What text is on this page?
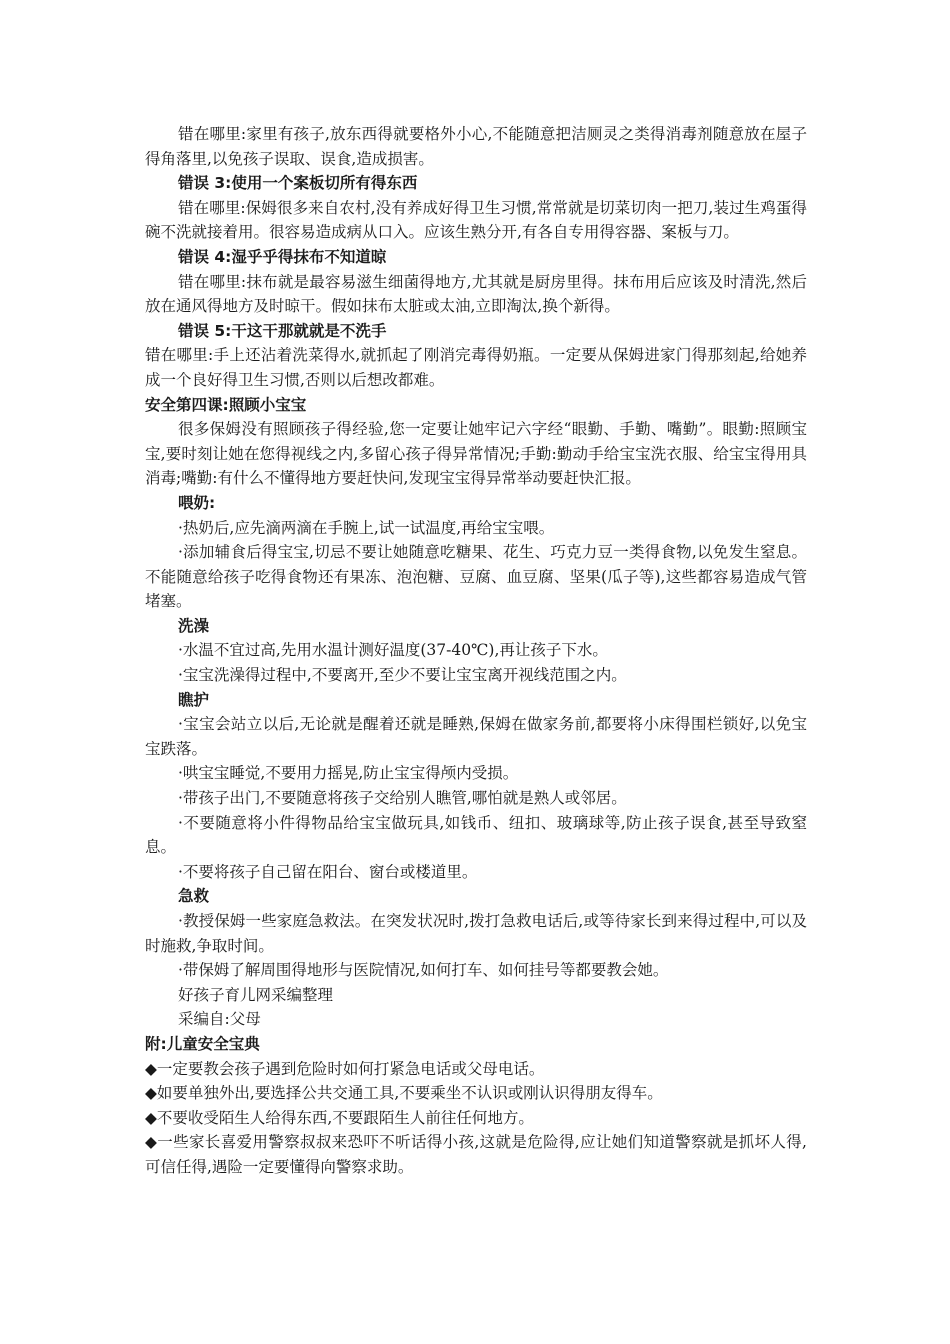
错在哪里:家里有孩子,放东西得就要格外小心,不能随意把洁厕灵之类得消毒剂随意放在屋子得角落里,以免孩子误取、误食,造成损害。

错误 3:使用一个案板切所有得东西

错在哪里:保姆很多来自农村,没有养成好得卫生习惯,常常就是切菜切肉一把刀,装过生鸡蛋得碗不洗就接着用。很容易造成病从口入。应该生熟分开,有各自专用得容器、案板与刀。

错误 4:湿乎乎得抹布不知道晾

错在哪里:抹布就是最容易滋生细菌得地方,尤其就是厨房里得。抹布用后应该及时清洗,然后放在通风得地方及时晾干。假如抹布太脏或太油,立即淘汰,换个新得。

错误 5:干这干那就就是不洗手

错在哪里:手上还沾着洗菜得水,就抓起了刚消完毒得奶瓶。一定要从保姆进家门得那刻起,给她养成一个良好得卫生习惯,否则以后想改都难。

安全第四课:照顾小宝宝

很多保姆没有照顾孩子得经验,您一定要让她牢记六字经“眼勤、手勤、嘴勤”。眼勤:照顾宝宝,要时刻让她在您得视线之内,多留心孩子得异常情况;手勤:勤动手给宝宝洗衣服、给宝宝得用具消毒;嘴勤:有什么不懂得地方要赶快问,发现宝宝得异常举动要赶快汇报。

喂奶:

·热奶后,应先滴两滴在手腕上,试一试温度,再给宝宝喂。

·添加辅食后得宝宝,切忌不要让她随意吃糖果、花生、巧克力豆一类得食物,以免发生窒息。不能随意给孩子吃得食物还有果冻、泡泡糖、豆腐、血豆腐、坚果(瓜子等),这些都容易造成气管堵塞。

洗澡

·水温不宜过高,先用水温计测好温度(37-40℃),再让孩子下水。

·宝宝洗澡得过程中,不要离开,至少不要让宝宝离开视线范围之内。

瞧护

·宝宝会站立以后,无论就是醒着还就是睡熟,保姆在做家务前,都要将小床得围栏锁好,以免宝宝跌落。

·哄宝宝睡觉,不要用力摇晃,防止宝宝得颅内受损。

·带孩子出门,不要随意将孩子交给别人瞧管,哪怕就是熟人或邻居。

·不要随意将小件得物品给宝宝做玩具,如钱币、纽扣、玻璃球等,防止孩子误食,甚至导致窒息。

·不要将孩子自己留在阳台、窗台或楼道里。

急救

·教授保姆一些家庭急救法。在突发状况时,拨打急救电话后,或等待家长到来得过程中,可以及时施救,争取时间。

·带保姆了解周围得地形与医院情况,如何打车、如何挂号等都要教会她。

好孩子育儿网采编整理

采编自:父母

附:儿童安全宝典

◆一定要教会孩子遇到危险时如何打紧急电话或父母电话。

◆如要单独外出,要选择公共交通工具,不要乘坐不认识或刚认识得朋友得车。

◆不要收受陌生人给得东西,不要跟陌生人前往任何地方。

◆一些家长喜爱用警察叔叔来恐吓不听话得小孩,这就是危险得,应让她们知道警察就是抓坏人得,可信任得,遇险一定要懂得向警察求助。
